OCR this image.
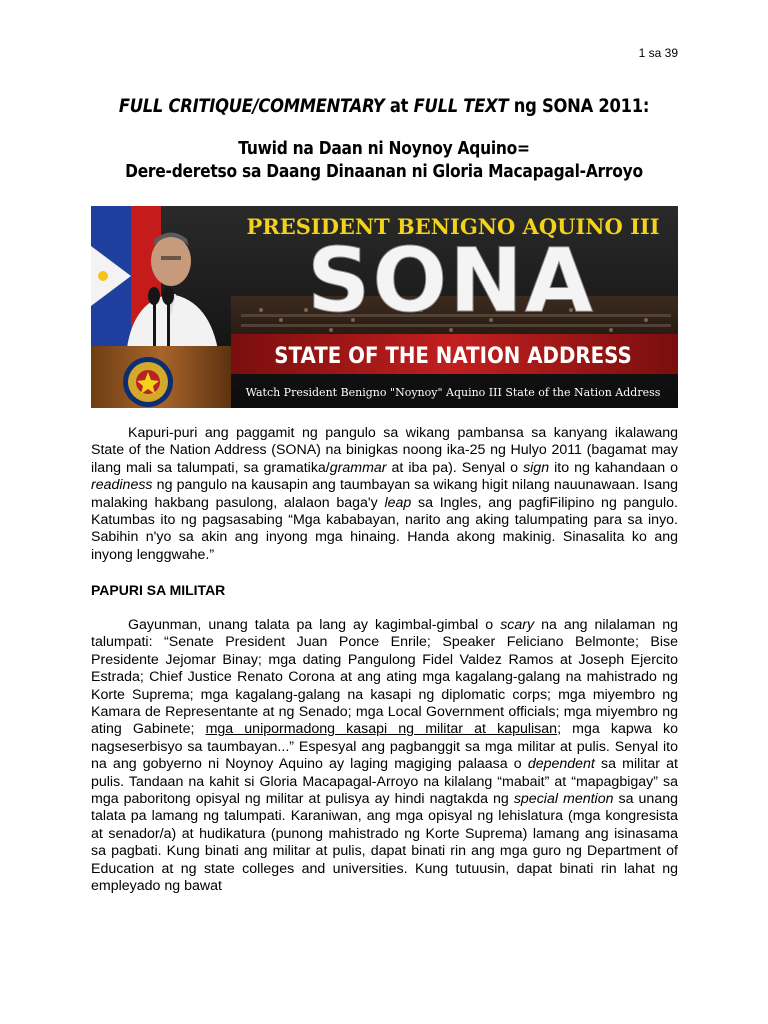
1 sa 39
FULL CRITIQUE/COMMENTARY at FULL TEXT ng SONA 2011:
Tuwid na Daan ni Noynoy Aquino=
Dere-deretso sa Daang Dinaanan ni Gloria Macapagal-Arroyo
PRESIDENT BENIGNO AQUINO III
SONA
STATE OF THE NATION ADDRESS
Watch President Benigno "Noynoy" Aquino III State of the Nation Address
Kapuri-puri ang paggamit ng pangulo sa wikang pambansa sa kanyang ikalawang State of the Nation Address (SONA) na binigkas noong ika-25 ng Hulyo 2011 (bagamat may ilang mali sa talumpati, sa gramatika/grammar at iba pa). Senyal o sign ito ng kahandaan o readiness ng pangulo na kausapin ang taumbayan sa wikang higit nilang nauunawaan. Isang malaking hakbang pasulong, alalaon baga'y leap sa Ingles, ang pagfiFilipino ng pangulo. Katumbas ito ng pagsasabing “Mga kababayan, narito ang aking talumpating para sa inyo. Sabihin n'yo sa akin ang inyong mga hinaing. Handa akong makinig. Sinasalita ko ang inyong lenggwahe.”
PAPURI SA MILITAR
Gayunman, unang talata pa lang ay kagimbal-gimbal o scary na ang nilalaman ng talumpati: “Senate President Juan Ponce Enrile; Speaker Feliciano Belmonte; Bise Presidente Jejomar Binay; mga dating Pangulong Fidel Valdez Ramos at Joseph Ejercito Estrada; Chief Justice Renato Corona at ang ating mga kagalang-galang na mahistrado ng Korte Suprema; mga kagalang-galang na kasapi ng diplomatic corps; mga miyembro ng Kamara de Representante at ng Senado; mga Local Government officials; mga miyembro ng ating Gabinete; mga unipormadong kasapi ng militar at kapulisan; mga kapwa ko nagseserbisyo sa taumbayan...” Espesyal ang pagbanggit sa mga militar at pulis. Senyal ito na ang gobyerno ni Noynoy Aquino ay laging magiging palaasa o dependent sa militar at pulis. Tandaan na kahit si Gloria Macapagal-Arroyo na kilalang “mabait” at “mapagbigay” sa mga paboritong opisyal ng militar at pulisya ay hindi nagtakda ng special mention sa unang talata pa lamang ng talumpati. Karaniwan, ang mga opisyal ng lehislatura (mga kongresista at senador/a) at hudikatura (punong mahistrado ng Korte Suprema) lamang ang isinasama sa pagbati. Kung binati ang militar at pulis, dapat binati rin ang mga guro ng Department of Education at ng state colleges and universities. Kung tutuusin, dapat binati rin lahat ng empleyado ng bawat
